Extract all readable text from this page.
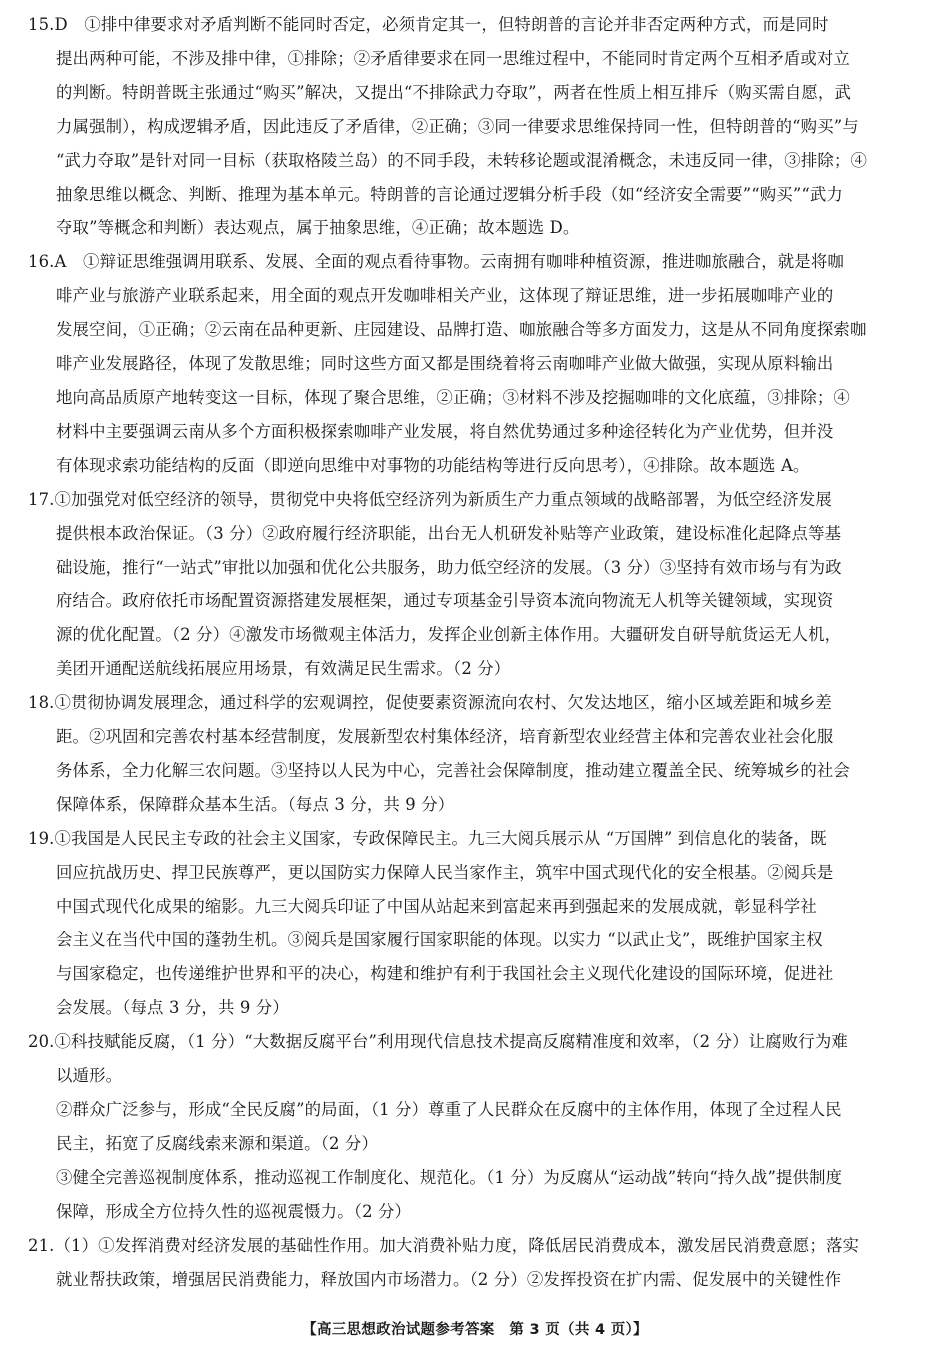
15.D　①排中律要求对矛盾判断不能同时否定，必须肯定其一，但特朗普的言论并非否定两种方式，而是同时
提出两种可能，不涉及排中律，①排除；②矛盾律要求在同一思维过程中，不能同时肯定两个互相矛盾或对立
的判断。特朗普既主张通过“购买”解决，又提出“不排除武力夺取”，两者在性质上相互排斥（购买需自愿，武
力属强制），构成逻辑矛盾，因此违反了矛盾律，②正确；③同一律要求思维保持同一性，但特朗普的“购买”与
“武力夺取”是针对同一目标（获取格陵兰岛）的不同手段，未转移论题或混淆概念，未违反同一律，③排除；④
抽象思维以概念、判断、推理为基本单元。特朗普的言论通过逻辑分析手段（如“经济安全需要”“购买”“武力
夺取”等概念和判断）表达观点，属于抽象思维，④正确；故本题选 D。
16.A　①辩证思维强调用联系、发展、全面的观点看待事物。云南拥有咖啡种植资源，推进咖旅融合，就是将咖
啡产业与旅游产业联系起来，用全面的观点开发咖啡相关产业，这体现了辩证思维，进一步拓展咖啡产业的
发展空间，①正确；②云南在品种更新、庄园建设、品牌打造、咖旅融合等多方面发力，这是从不同角度探索咖
啡产业发展路径，体现了发散思维；同时这些方面又都是围绕着将云南咖啡产业做大做强，实现从原料输出
地向高品质原产地转变这一目标，体现了聚合思维，②正确；③材料不涉及挖掘咖啡的文化底蕴，③排除；④
材料中主要强调云南从多个方面积极探索咖啡产业发展，将自然优势通过多种途径转化为产业优势，但并没
有体现求索功能结构的反面（即逆向思维中对事物的功能结构等进行反向思考），④排除。故本题选 A。
17.①加强党对低空经济的领导，贯彻党中央将低空经济列为新质生产力重点领域的战略部署，为低空经济发展
提供根本政治保证。（3 分）②政府履行经济职能，出台无人机研发补贴等产业政策，建设标准化起降点等基
础设施，推行“一站式”审批以加强和优化公共服务，助力低空经济的发展。（3 分）③坚持有效市场与有为政
府结合。政府依托市场配置资源搭建发展框架，通过专项基金引导资本流向物流无人机等关键领域，实现资
源的优化配置。（2 分）④激发市场微观主体活力，发挥企业创新主体作用。大疆研发自研导航货运无人机，
美团开通配送航线拓展应用场景，有效满足民生需求。（2 分）
18.①贯彻协调发展理念，通过科学的宏观调控，促使要素资源流向农村、欠发达地区，缩小区域差距和城乡差
距。②巩固和完善农村基本经营制度，发展新型农村集体经济，培育新型农业经营主体和完善农业社会化服
务体系，全力化解三农问题。③坚持以人民为中心，完善社会保障制度，推动建立覆盖全民、统筹城乡的社会
保障体系，保障群众基本生活。（每点 3 分，共 9 分）
19.①我国是人民民主专政的社会主义国家，专政保障民主。九三大阅兵展示从 “万国牌” 到信息化的装备，既
回应抗战历史、捍卫民族尊严，更以国防实力保障人民当家作主，筑牢中国式现代化的安全根基。②阅兵是
中国式现代化成果的缩影。九三大阅兵印证了中国从站起来到富起来再到强起来的发展成就，彰显科学社
会主义在当代中国的蓬勃生机。③阅兵是国家履行国家职能的体现。以实力 “以武止戈”，既维护国家主权
与国家稳定，也传递维护世界和平的决心，构建和维护有利于我国社会主义现代化建设的国际环境，促进社
会发展。（每点 3 分，共 9 分）
20.①科技赋能反腐，（1 分）“大数据反腐平台”利用现代信息技术提高反腐精准度和效率，（2 分）让腐败行为难
以遁形。
②群众广泛参与，形成“全民反腐”的局面，（1 分）尊重了人民群众在反腐中的主体作用，体现了全过程人民
民主，拓宽了反腐线索来源和渠道。（2 分）
③健全完善巡视制度体系，推动巡视工作制度化、规范化。（1 分）为反腐从“运动战”转向“持久战”提供制度
保障，形成全方位持久性的巡视震慑力。（2 分）
21.（1）①发挥消费对经济发展的基础性作用。加大消费补贴力度，降低居民消费成本，激发居民消费意愿；落实
就业帮扶政策，增强居民消费能力，释放国内市场潜力。（2 分）②发挥投资在扩内需、促发展中的关键性作
【高三思想政治试题参考答案　第 3 页（共 4 页）】
